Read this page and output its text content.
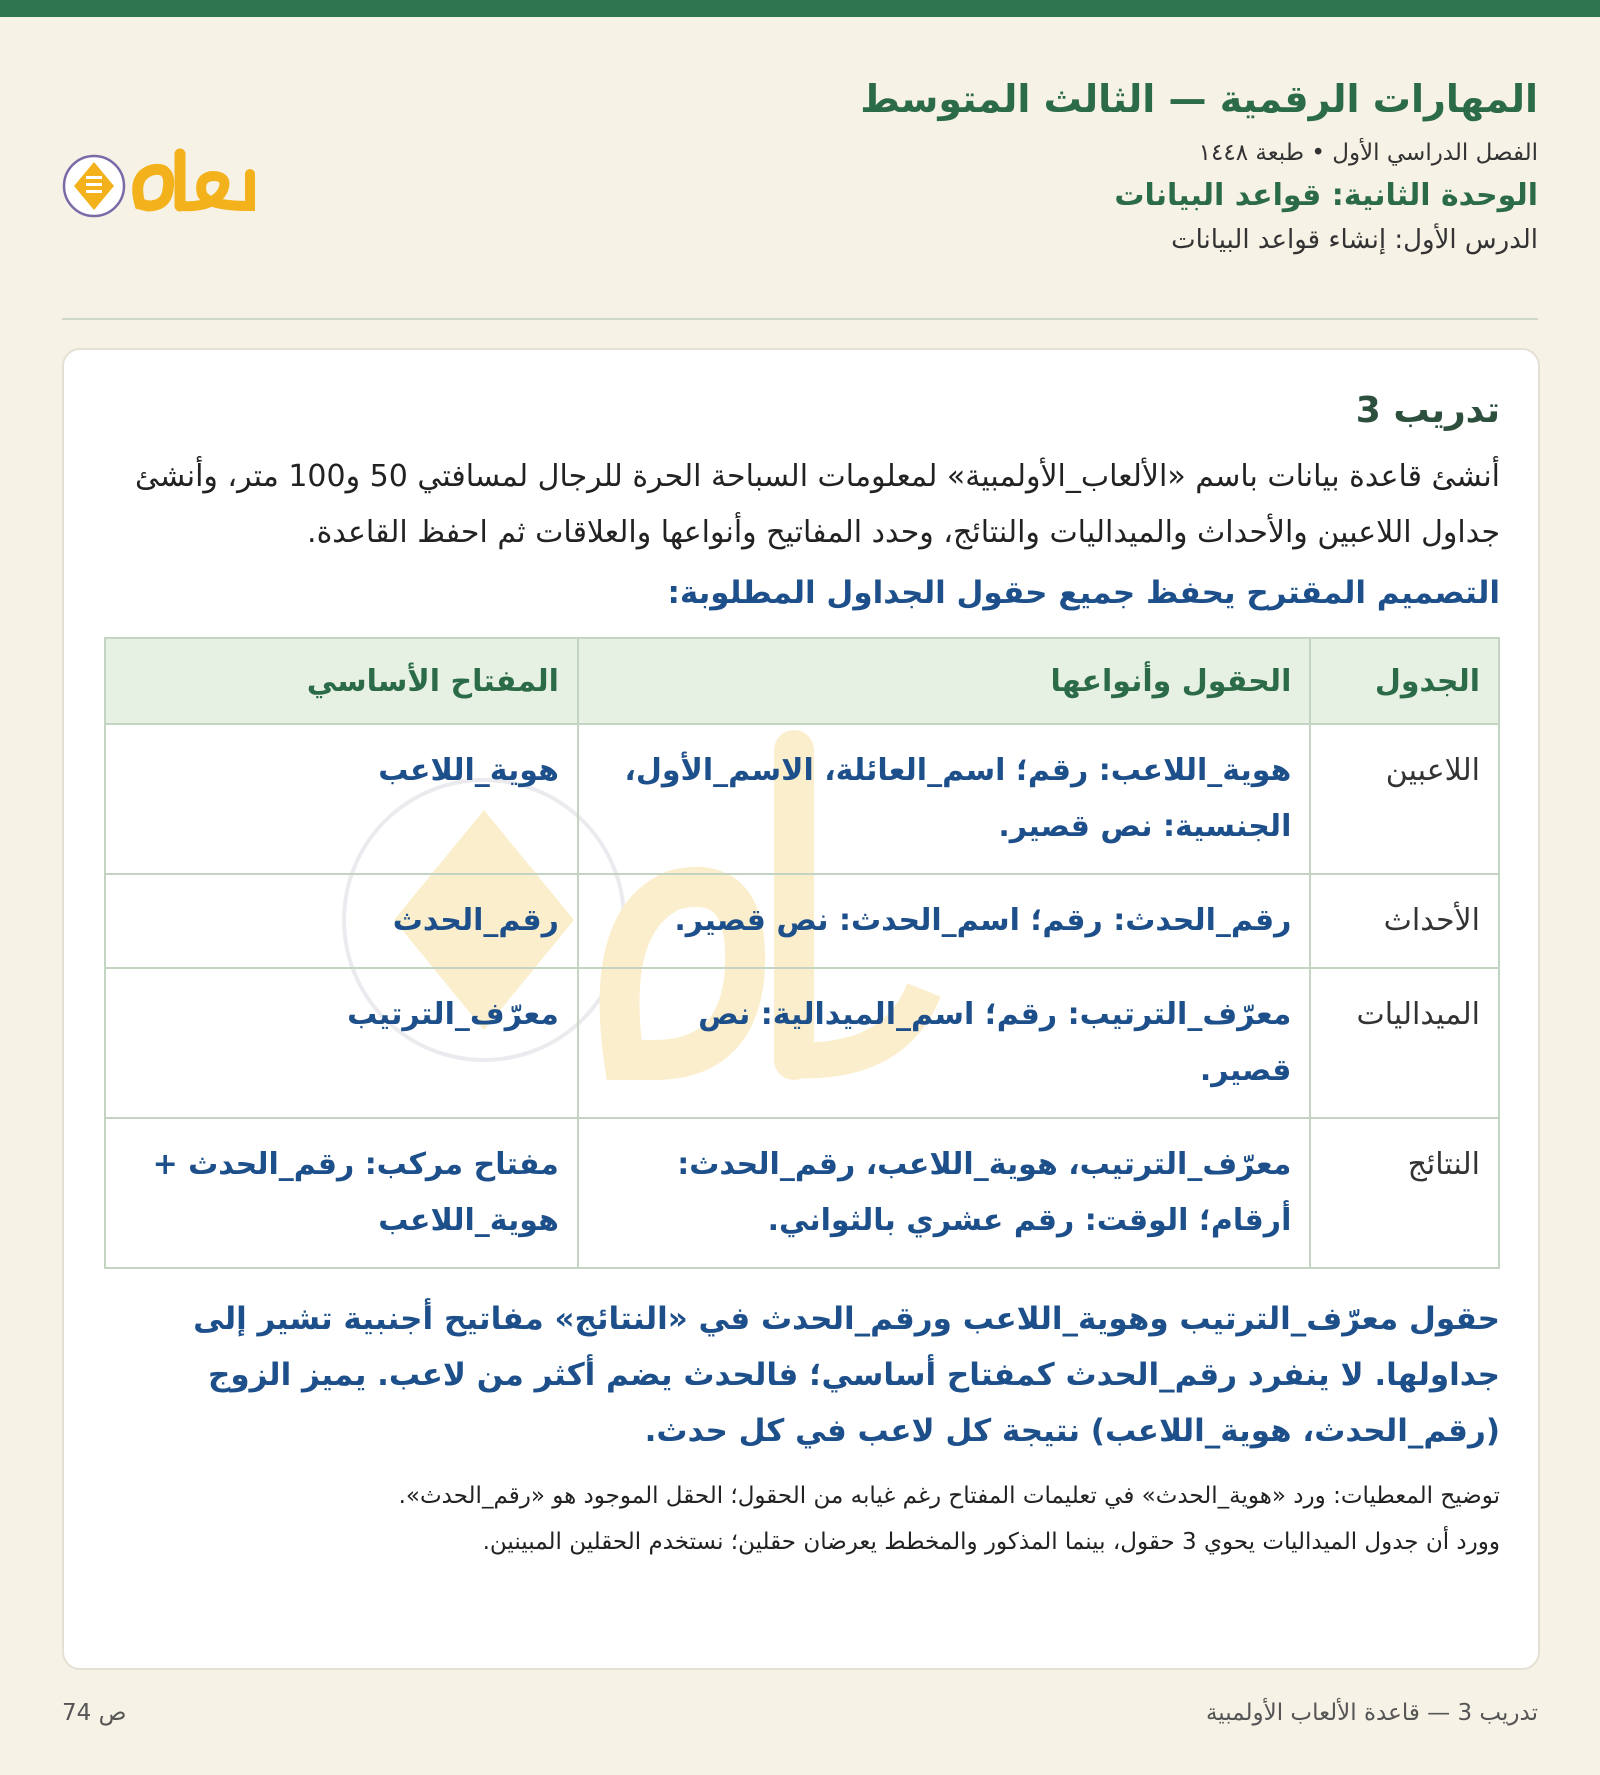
المهارات الرقمية — الثالث المتوسط
الفصل الدراسي الأول • طبعة ١٤٤٨
الوحدة الثانية: قواعد البيانات
الدرس الأول: إنشاء قواعد البيانات
تدريب 3

أنشئ قاعدة بيانات باسم «الألعاب_الأولمبية» لمعلومات السباحة الحرة للرجال لمسافتي 50 و100 متر، وأنشئ جداول اللاعبين والأحداث والميداليات والنتائج، وحدد المفاتيح وأنواعها والعلاقات ثم احفظ القاعدة.

التصميم المقترح يحفظ جميع حقول الجداول المطلوبة:
الجدول	الحقول وأنواعها	المفتاح الأساسي
اللاعبين	هوية_اللاعب: رقم؛ اسم_العائلة، الاسم_الأول، الجنسية: نص قصير.	هوية_اللاعب
الأحداث	رقم_الحدث: رقم؛ اسم_الحدث: نص قصير.	رقم_الحدث
الميداليات	معرّف_الترتيب: رقم؛ اسم_الميدالية: نص قصير.	معرّف_الترتيب
النتائج	معرّف_الترتيب، هوية_اللاعب، رقم_الحدث: أرقام؛ الوقت: رقم عشري بالثواني.	مفتاح مركب: رقم_الحدث + هوية_اللاعب

حقول معرّف_الترتيب وهوية_اللاعب ورقم_الحدث في «النتائج» مفاتيح أجنبية تشير إلى جداولها. لا ينفرد رقم_الحدث كمفتاح أساسي؛ فالحدث يضم أكثر من لاعب. يميز الزوج (رقم_الحدث، هوية_اللاعب) نتيجة كل لاعب في كل حدث.

توضيح المعطيات: ورد «هوية_الحدث» في تعليمات المفتاح رغم غيابه من الحقول؛ الحقل الموجود هو «رقم_الحدث».

وورد أن جدول الميداليات يحوي 3 حقول، بينما المذكور والمخطط يعرضان حقلين؛ نستخدم الحقلين المبينين.

ص 74	تدريب 3 — قاعدة الألعاب الأولمبية
